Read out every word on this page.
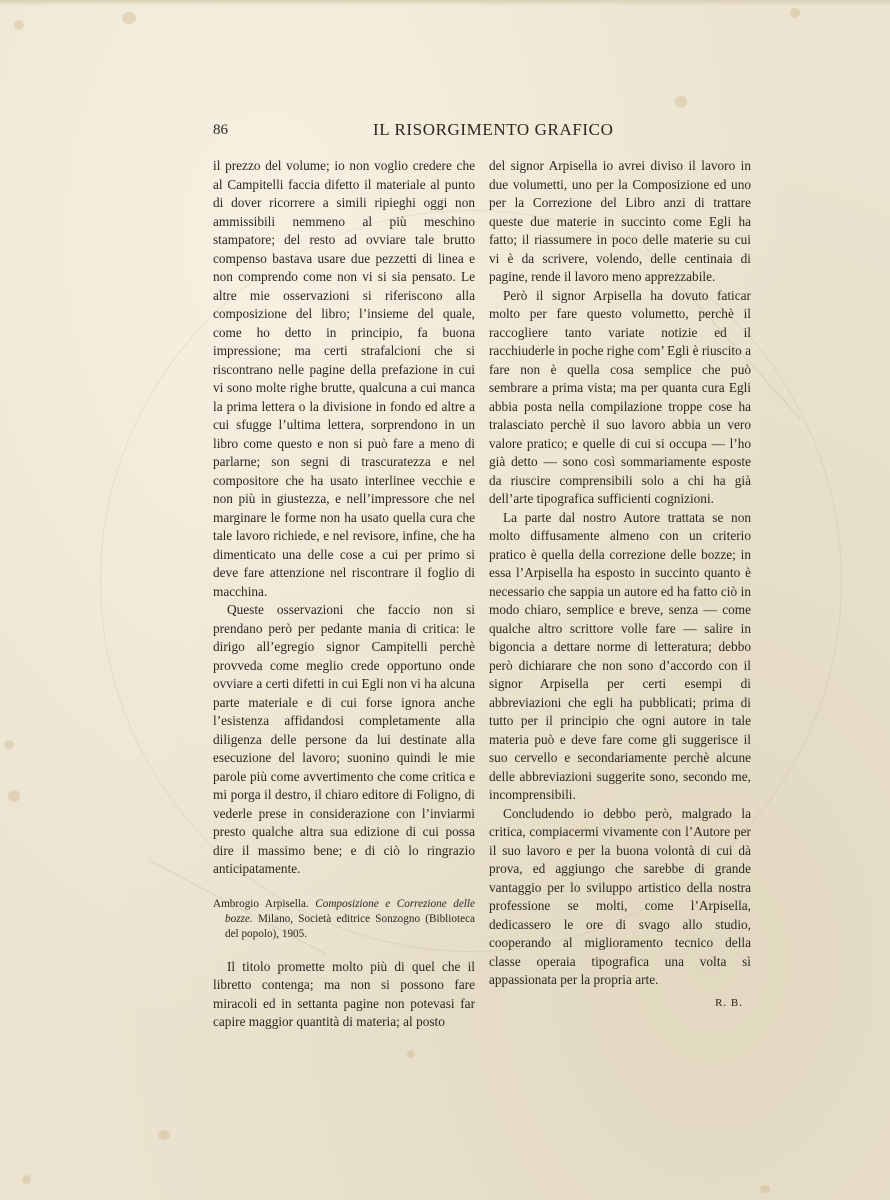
86	IL RISORGIMENTO GRAFICO

il prezzo del volume; io non voglio credere che al Campitelli faccia difetto il materiale al punto di dover ricorrere a simili ripieghi oggi non ammissibili nemmeno al più meschino stampatore; del resto ad ovviare tale brutto compenso bastava usare due pezzetti di linea e non comprendo come non vi si sia pensato. Le altre mie osservazioni si riferiscono alla composizione del libro; l’insieme del quale, come ho detto in principio, fa buona impressione; ma certi strafalcioni che si riscontrano nelle pagine della prefazione in cui vi sono molte righe brutte, qualcuna a cui manca la prima lettera o la divisione in fondo ed altre a cui sfugge l’ultima lettera, sorprendono in un libro come questo e non si può fare a meno di parlarne; son segni di trascuratezza e nel compositore che ha usato interlinee vecchie e non più in giustezza, e nell’impressore che nel marginare le forme non ha usato quella cura che tale lavoro richiede, e nel revisore, infine, che ha dimenticato una delle cose a cui per primo si deve fare attenzione nel riscontrare il foglio di macchina.

Queste osservazioni che faccio non si prendano però per pedante mania di critica: le dirigo all’egregio signor Campitelli perchè provveda come meglio crede opportuno onde ovviare a certi difetti in cui Egli non vi ha alcuna parte materiale e di cui forse ignora anche l’esistenza affidandosi completamente alla diligenza delle persone da lui destinate alla esecuzione del lavoro; suonino quindi le mie parole più come avvertimento che come critica e mi porga il destro, il chiaro editore di Foligno, di vederle prese in considerazione con l’inviarmi presto qualche altra sua edizione di cui possa dire il massimo bene; e di ciò lo ringrazio anticipatamente.

Ambrogio Arpisella. Composizione e Correzione delle bozze. Milano, Società editrice Sonzogno (Biblioteca del popolo), 1905.

Il titolo promette molto più di quel che il libretto contenga; ma non si possono fare miracoli ed in settanta pagine non potevasi far capire maggior quantità di materia; al posto

del signor Arpisella io avrei diviso il lavoro in due volumetti, uno per la Composizione ed uno per la Correzione del Libro anzi di trattare queste due materie in succinto come Egli ha fatto; il riassumere in poco delle materie su cui vi è da scrivere, volendo, delle centinaia di pagine, rende il lavoro meno apprezzabile.

Però il signor Arpisella ha dovuto faticar molto per fare questo volumetto, perchè il raccogliere tanto variate notizie ed il racchiuderle in poche righe com’ Egli è riuscito a fare non è quella cosa semplice che può sembrare a prima vista; ma per quanta cura Egli abbia posta nella compilazione troppe cose ha tralasciato perchè il suo lavoro abbia un vero valore pratico; e quelle di cui si occupa — l’ho già detto — sono così sommariamente esposte da riuscire comprensibili solo a chi ha già dell’arte tipografica sufficienti cognizioni.

La parte dal nostro Autore trattata se non molto diffusamente almeno con un criterio pratico è quella della correzione delle bozze; in essa l’Arpisella ha esposto in succinto quanto è necessario che sappia un autore ed ha fatto ciò in modo chiaro, semplice e breve, senza — come qualche altro scrittore volle fare — salire in bigoncia a dettare norme di letteratura; debbo però dichiarare che non sono d’accordo con il signor Arpisella per certi esempi di abbreviazioni che egli ha pubblicati; prima di tutto per il principio che ogni autore in tale materia può e deve fare come gli suggerisce il suo cervello e secondariamente perchè alcune delle abbreviazioni suggerite sono, secondo me, incomprensibili.

Concludendo io debbo però, malgrado la critica, compiacermi vivamente con l’Autore per il suo lavoro e per la buona volontà di cui dà prova, ed aggiungo che sarebbe di grande vantaggio per lo sviluppo artistico della nostra professione se molti, come l’Arpisella, dedicassero le ore di svago allo studio, cooperando al miglioramento tecnico della classe operaia tipografica una volta sì appassionata per la propria arte.

R. B.
